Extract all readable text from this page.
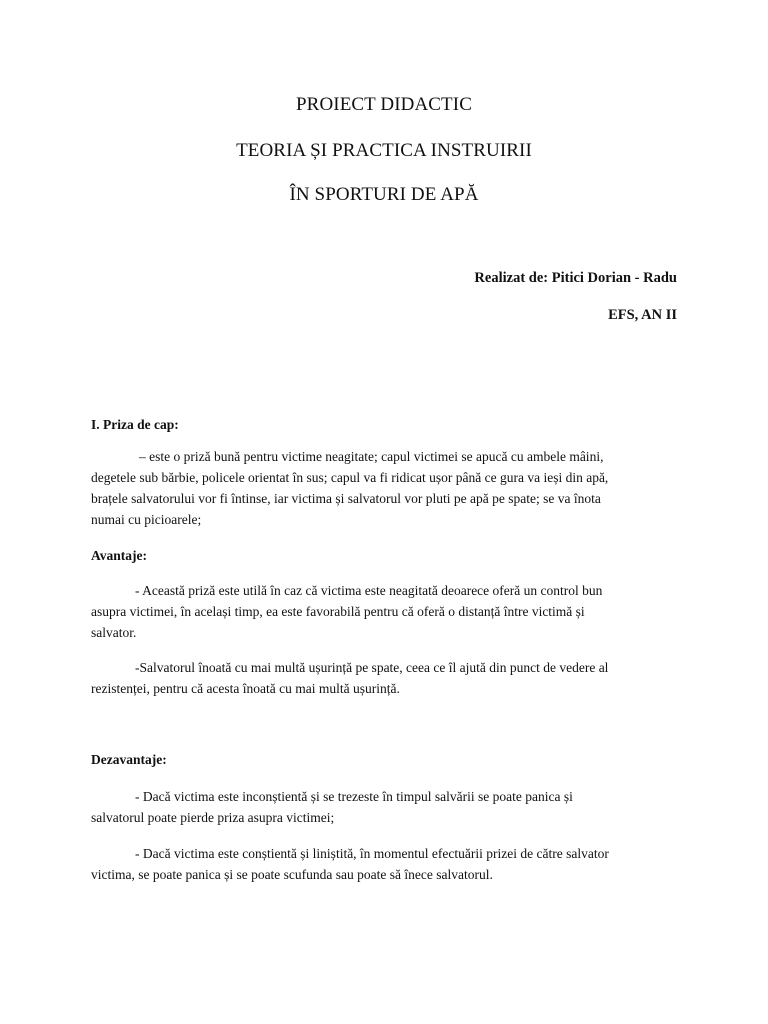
PROIECT DIDACTIC
TEORIA ȘI PRACTICA INSTRUIRII
ÎN SPORTURI DE APĂ
Realizat de: Pitici Dorian - Radu
EFS, AN II
I. Priza de cap:
– este o priză bună pentru victime neagitate; capul victimei se apucă cu ambele mâini,
degetele sub bărbie, policele orientat în sus; capul va fi ridicat ușor până ce gura va ieși din apă,
brațele salvatorului vor fi întinse, iar victima și salvatorul vor pluti pe apă pe spate; se va înota
numai cu picioarele;
Avantaje:
- Această priză este utilă în caz că victima este neagitată deoarece oferă un control bun
asupra victimei, în același timp, ea este favorabilă pentru că oferă o distanță între victimă și
salvator.
-Salvatorul înoată cu mai multă ușurință pe spate, ceea ce îl ajută din punct de vedere al
rezistenței, pentru că acesta înoată cu mai multă ușurință.
Dezavantaje:
- Dacă victima este inconștientă și se trezeste în timpul salvării se poate panica și
salvatorul poate pierde priza asupra victimei;
- Dacă victima este conștientă și liniștită, în momentul efectuării prizei de către salvator
victima, se poate panica și se poate scufunda sau poate să înece salvatorul.
